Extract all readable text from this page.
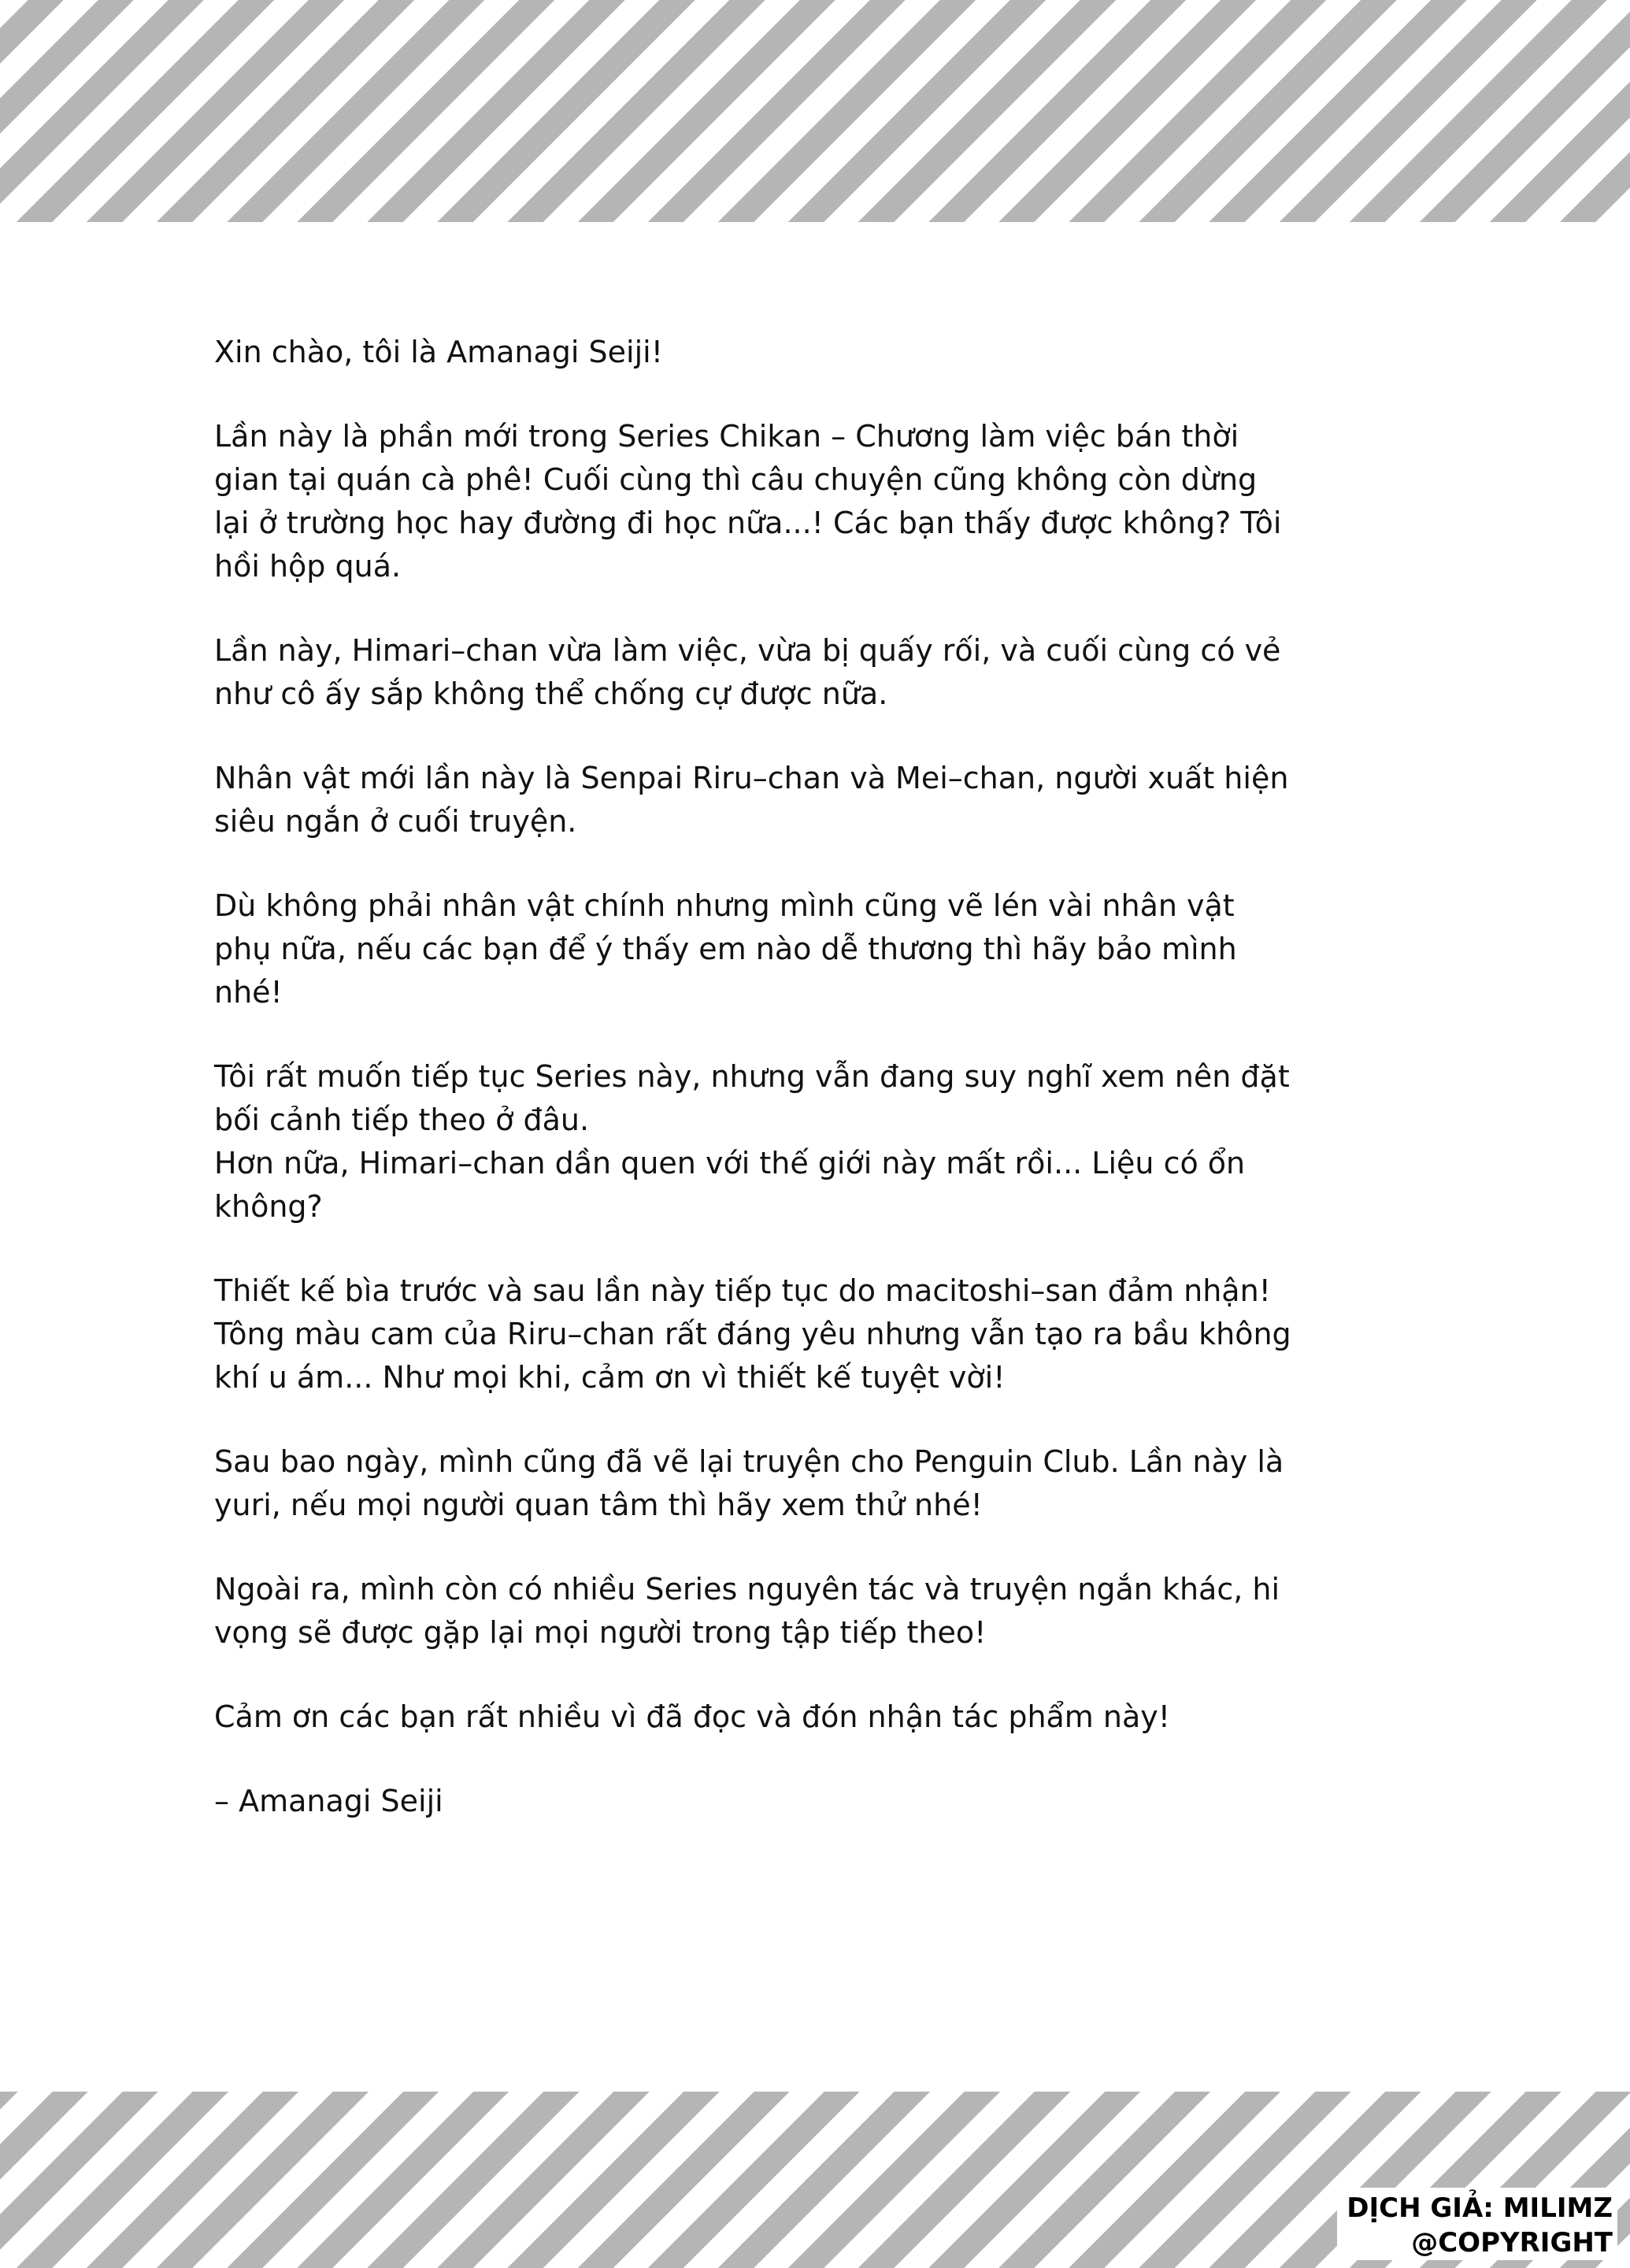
Xin chào, tôi là Amanagi Seiji!

Lần này là phần mới trong Series Chikan – Chương làm việc bán thời gian tại quán cà phê! Cuối cùng thì câu chuyện cũng không còn dừng lại ở trường học hay đường đi học nữa...! Các bạn thấy được không? Tôi hồi hộp quá.

Lần này, Himari–chan vừa làm việc, vừa bị quấy rối, và cuối cùng có vẻ như cô ấy sắp không thể chống cự được nữa.

Nhân vật mới lần này là Senpai Riru–chan và Mei–chan, người xuất hiện siêu ngắn ở cuối truyện.

Dù không phải nhân vật chính nhưng mình cũng vẽ lén vài nhân vật phụ nữa, nếu các bạn để ý thấy em nào dễ thương thì hãy bảo mình nhé!

Tôi rất muốn tiếp tục Series này, nhưng vẫn đang suy nghĩ xem nên đặt bối cảnh tiếp theo ở đâu.
Hơn nữa, Himari–chan dần quen với thế giới này mất rồi... Liệu có ổn không?

Thiết kế bìa trước và sau lần này tiếp tục do macitoshi–san đảm nhận! Tông màu cam của Riru–chan rất đáng yêu nhưng vẫn tạo ra bầu không khí u ám... Như mọi khi, cảm ơn vì thiết kế tuyệt vời!

Sau bao ngày, mình cũng đã vẽ lại truyện cho Penguin Club. Lần này là yuri, nếu mọi người quan tâm thì hãy xem thử nhé!

Ngoài ra, mình còn có nhiều Series nguyên tác và truyện ngắn khác, hi vọng sẽ được gặp lại mọi người trong tập tiếp theo!

Cảm ơn các bạn rất nhiều vì đã đọc và đón nhận tác phẩm này!

– Amanagi Seiji

DỊCH GIẢ: MILIMZ
@COPYRIGHT
